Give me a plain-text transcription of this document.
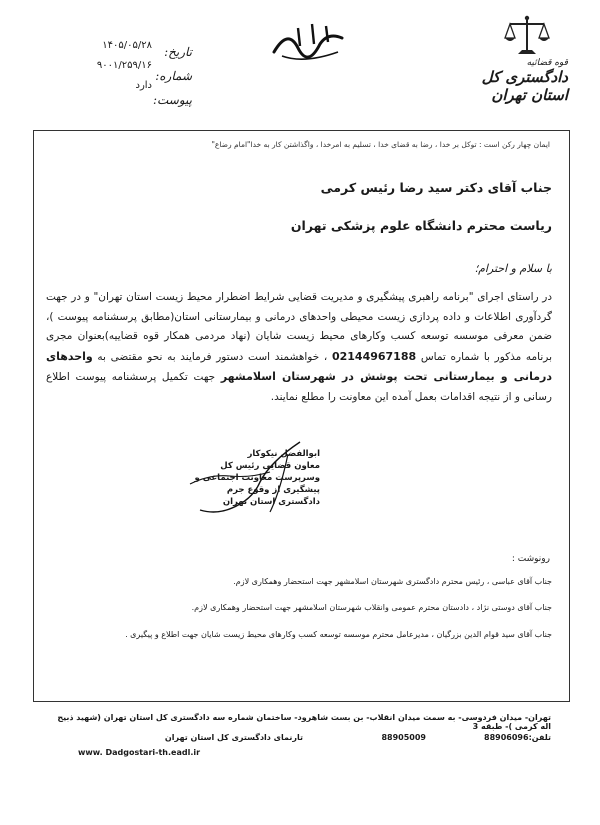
قوه قضائیه
دادگستری کل استان تهران
تاریخ:
شماره:
پیوست:
۱۴۰۵/۰۵/۲۸
۹۰۰۱/۲۵۹/۱۶
دارد
ایمان چهار رکن است : توکل بر خدا ، رضا به قضای خدا ، تسلیم به امرخدا ، واگذاشتن کار به خدا"امام رضاع"
جناب آقای دکتر سید رضا رئیس کرمی
ریاست محترم دانشگاه علوم پزشکی تهران
با سلام و احترام؛
در راستای اجرای "برنامه راهبری پیشگیری و مدیریت قضایی شرایط اضطرار محیط زیست استان تهران" و در جهت گردآوری اطلاعات و داده پردازی زیست محیطی واحدهای درمانی و بیمارستانی استان(مطابق پرسشنامه پیوست )، ضمن معرفی موسسه توسعه کسب وکارهای محیط زیست شایان (نهاد مردمی همکار قوه قضاییه)بعنوان مجری برنامه مذکور با شماره تماس 02144967188 ، خواهشمند است دستور فرمایند به نحو مقتضی به واحدهای درمانی و بیمارستانی تحت پوشش در شهرستان اسلامشهر جهت تکمیل پرسشنامه پیوست اطلاع رسانی و از نتیجه اقدامات بعمل آمده این معاونت را مطلع نمایند.
ابوالفضل نیکوکار
معاون قضایی رئیس کل
وسرپرست معاونت اجتماعی و پیشگیری از وقوع جرم
دادگستری استان تهران
رونوشت :
جناب آقای عباسی ، رئیس محترم دادگستری شهرستان اسلامشهر جهت استحضار وهمکاری لازم.
جناب آقای دوستی نژاد ، دادستان محترم عمومی وانقلاب شهرستان اسلامشهر جهت استحضار وهمکاری لازم.
جناب آقای سید قوام الدین بزرگیان ، مدیرعامل محترم موسسه توسعه کسب وکارهای محیط زیست شایان جهت اطلاع و پیگیری .
تهران- میدان فردوسی- به سمت میدان انقلاب- بن بست شاهرود- ساختمان شماره سه دادگستری کل استان تهران (شهید ذبیح اله کرمی )- طبقه 3
تلفن:88906096
88905009
تارنمای دادگستری کل استان تهران
www. Dadgostari-th.eadl.ir
